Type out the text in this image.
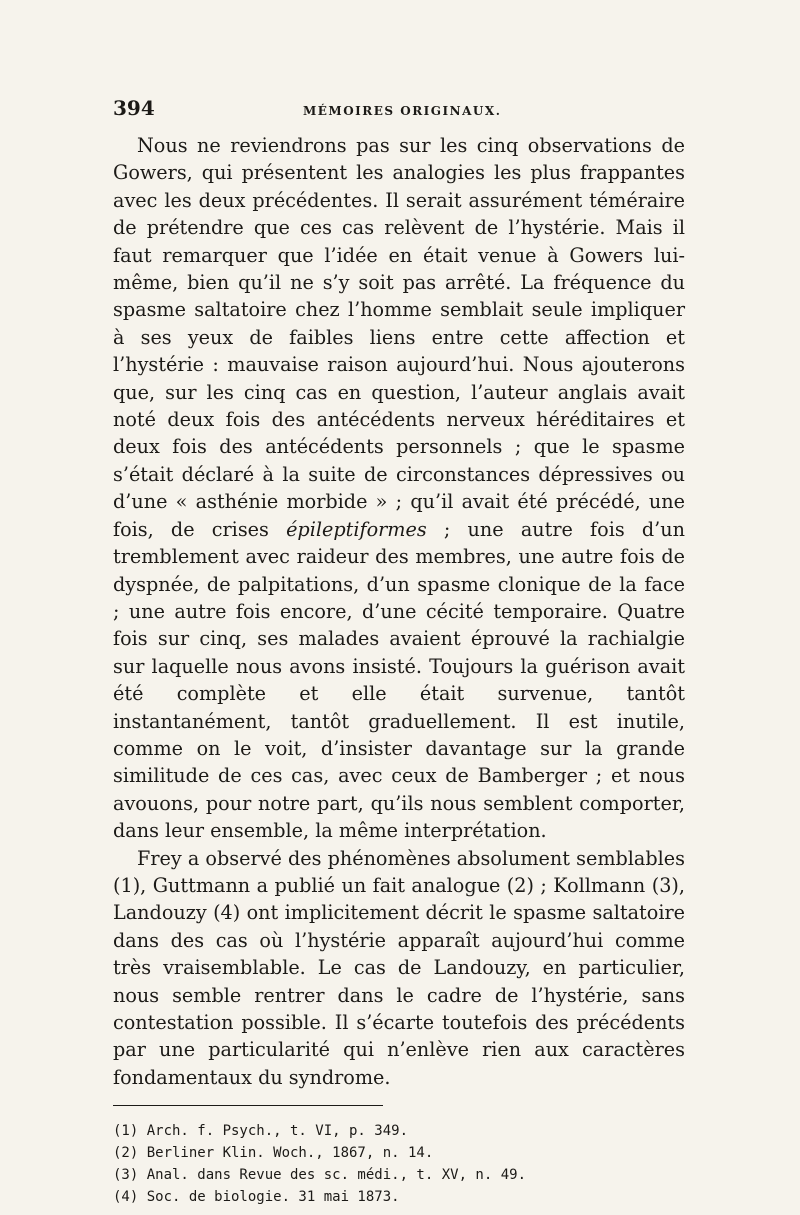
394	MÉMOIRES ORIGINAUX.

Nous ne reviendrons pas sur les cinq observations de Gowers, qui présentent les analogies les plus frappantes avec les deux précédentes. Il serait assurément téméraire de prétendre que ces cas relèvent de l’hystérie. Mais il faut remarquer que l’idée en était venue à Gowers lui-même, bien qu’il ne s’y soit pas arrêté. La fréquence du spasme saltatoire chez l’homme semblait seule impliquer à ses yeux de faibles liens entre cette affection et l’hystérie : mauvaise raison aujourd’hui. Nous ajouterons que, sur les cinq cas en question, l’auteur anglais avait noté deux fois des antécédents nerveux héréditaires et deux fois des antécédents personnels ; que le spasme s’était déclaré à la suite de circonstances dépressives ou d’une « asthénie morbide » ; qu’il avait été précédé, une fois, de crises épileptiformes ; une autre fois d’un tremblement avec raideur des membres, une autre fois de dyspnée, de palpitations, d’un spasme clonique de la face ; une autre fois encore, d’une cécité temporaire. Quatre fois sur cinq, ses malades avaient éprouvé la rachialgie sur laquelle nous avons insisté. Toujours la guérison avait été complète et elle était survenue, tantôt instantanément, tantôt graduellement. Il est inutile, comme on le voit, d’insister davantage sur la grande similitude de ces cas, avec ceux de Bamberger ; et nous avouons, pour notre part, qu’ils nous semblent comporter, dans leur ensemble, la même interprétation.

Frey a observé des phénomènes absolument semblables (1), Guttmann a publié un fait analogue (2) ; Kollmann (3), Landouzy (4) ont implicitement décrit le spasme saltatoire dans des cas où l’hystérie apparaît aujourd’hui comme très vraisemblable. Le cas de Landouzy, en particulier, nous semble rentrer dans le cadre de l’hystérie, sans contestation possible. Il s’écarte toutefois des précédents par une particularité qui n’enlève rien aux caractères fondamentaux du syndrome.

(1) Arch. f. Psych., t. VI, p. 349.
(2) Berliner Klin. Woch., 1867, n. 14.
(3) Anal. dans Revue des sc. médi., t. XV, n. 49.
(4) Soc. de biologie. 31 mai 1873.
